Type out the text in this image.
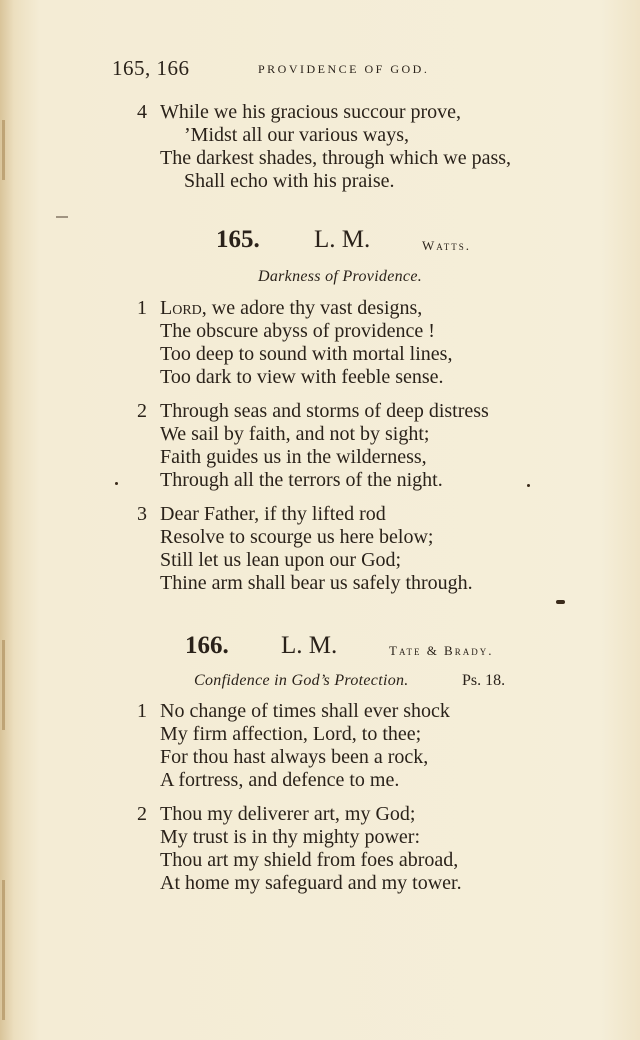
165, 166	PROVIDENCE OF GOD.
4 While we his gracious succour prove,
’Midst all our various ways,
The darkest shades, through which we pass,
Shall echo with his praise.
165. L. M.	Watts.
Darkness of Providence.
1 Lord, we adore thy vast designs,
The obscure abyss of providence !
Too deep to sound with mortal lines,
Too dark to view with feeble sense.
2 Through seas and storms of deep distress
We sail by faith, and not by sight;
Faith guides us in the wilderness,
Through all the terrors of the night.
3 Dear Father, if thy lifted rod
Resolve to scourge us here below;
Still let us lean upon our God;
Thine arm shall bear us safely through.
166. L. M.	Tate & Brady.
Confidence in God’s Protection.	Ps. 18.
1 No change of times shall ever shock
My firm affection, Lord, to thee;
For thou hast always been a rock,
A fortress, and defence to me.
2 Thou my deliverer art, my God;
My trust is in thy mighty power:
Thou art my shield from foes abroad,
At home my safeguard and my tower.
